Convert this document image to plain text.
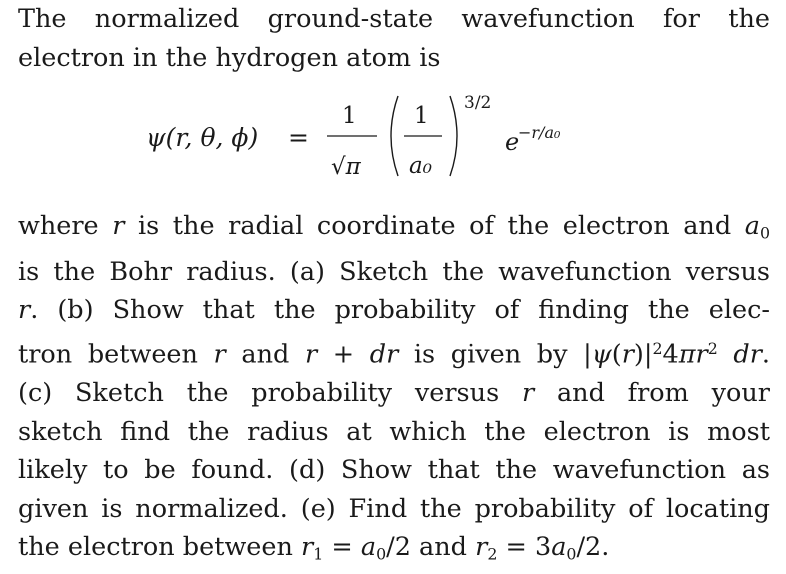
The normalized ground-state wavefunction for the
electron in the hydrogen atom is

ψ(r, θ, ϕ) =
1
√π
1
a₀
3/2
e
−r/a₀

where r is the radial coordinate of the electron and $a_0$
is the Bohr radius. (a) Sketch the wavefunction versus
r. (b) Show that the probability of finding the elec-
tron between r and r + dr is given by $|\psi(r)|^24\pi r^2$ dr.
(c) Sketch the probability versus r and from your
sketch find the radius at which the electron is most
likely to be found. (d) Show that the wavefunction as
given is normalized. (e) Find the probability of locating
the electron between $r_1 = a_0/2$ and $r_2 = 3a_0/2$.
